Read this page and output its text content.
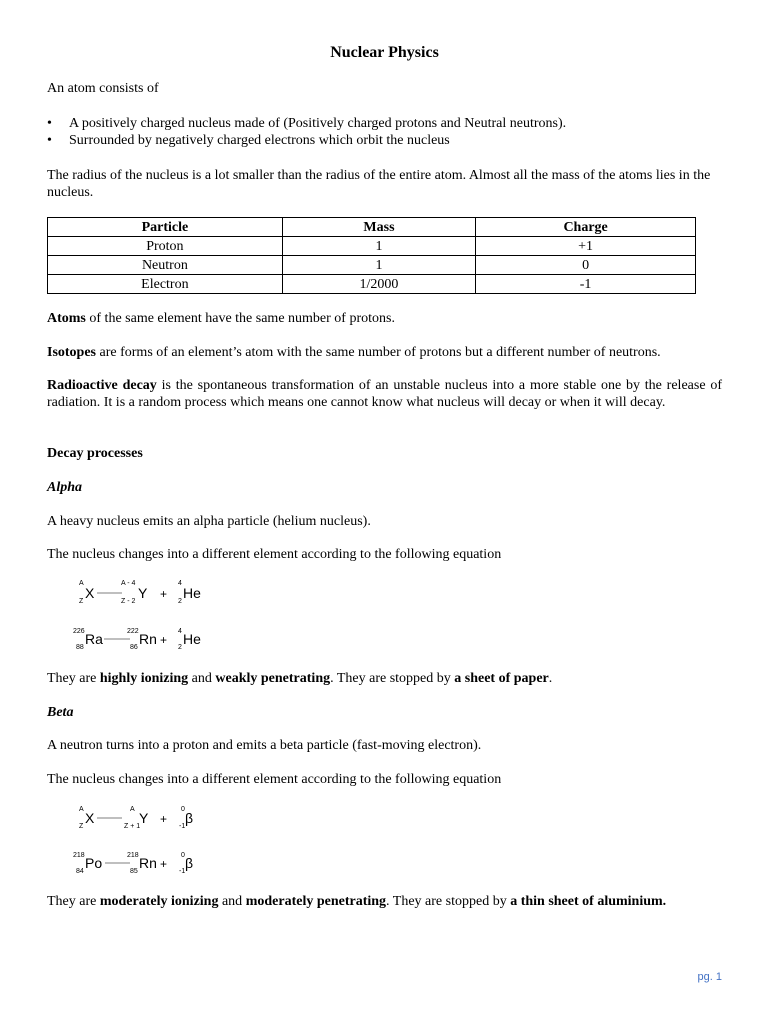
Nuclear Physics

An atom consists of

• A positively charged nucleus made of (Positively charged protons and Neutral neutrons).
• Surrounded by negatively charged electrons which orbit the nucleus

The radius of the nucleus is a lot smaller than the radius of the entire atom. Almost all the mass of the atoms lies in the nucleus.

Particle	Mass	Charge
Proton	1	+1
Neutron	1	0
Electron	1/2000	-1

Atoms of the same element have the same number of protons.

Isotopes are forms of an element’s atom with the same number of protons but a different number of neutrons.

Radioactive decay is the spontaneous transformation of an unstable nucleus into a more stable one by the release of radiation. It is a random process which means one cannot know what nucleus will decay or when it will decay.

Decay processes

Alpha

A heavy nucleus emits an alpha particle (helium nucleus).

The nucleus changes into a different element according to the following equation

A
Z
X
A - 4
Z - 2
Y +
4
2
He
226
88
Ra	222
86
Rn +
4
2
He

They are highly ionizing and weakly penetrating. They are stopped by a sheet of paper.

Beta

A neutron turns into a proton and emits a beta particle (fast-moving electron).

The nucleus changes into a different element according to the following equation

A
Z
X
A
Z + 1
Y +
0
-1
β
218
84
Po	218
85
Rn +
0
-1
β

They are moderately ionizing and moderately penetrating. They are stopped by a thin sheet of aluminium.

pg. 1
